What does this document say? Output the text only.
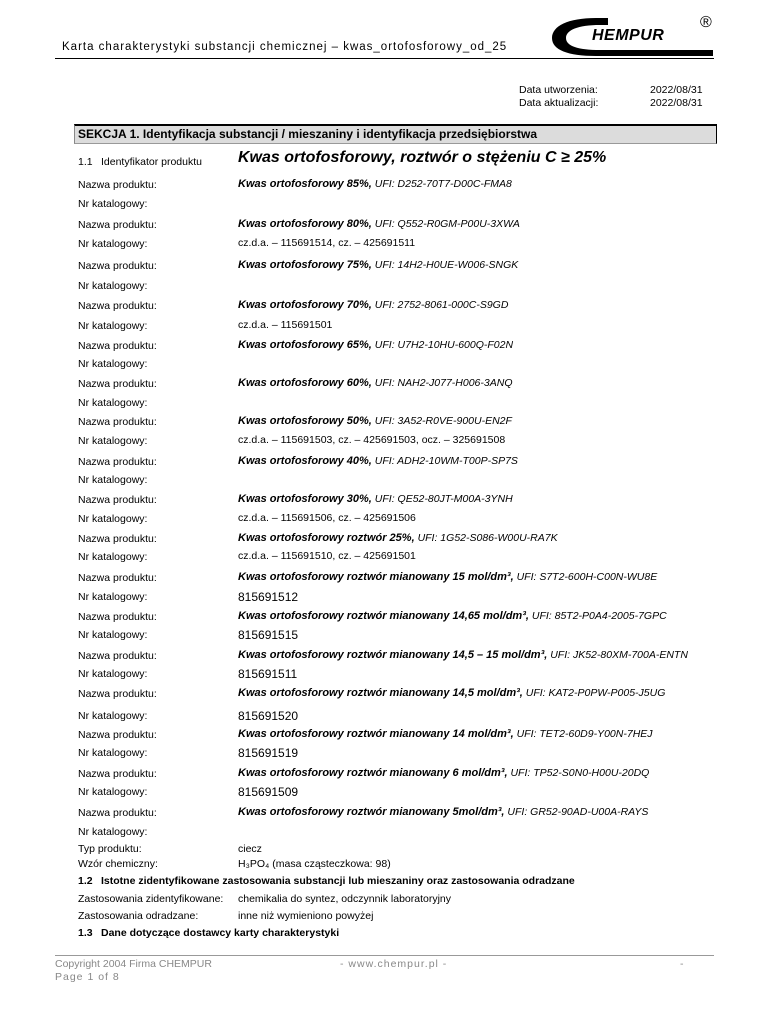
Karta charakterystyki substancji chemicznej – kwas_ortofosforowy_od_25
HEMPUR
®
Data utworzenia:	2022/08/31
Data aktualizacji:	2022/08/31
SEKCJA 1. Identyfikacja substancji / mieszaniny i identyfikacja przedsiębiorstwa
1.1 Identyfikator produktu Kwas ortofosforowy, roztwór o stężeniu C ≥ 25%
Nazwa produktu:	Kwas ortofosforowy 85%, UFI: D252-70T7-D00C-FMA8
Nr katalogowy:
Nazwa produktu:	Kwas ortofosforowy 80%, UFI: Q552-R0GM-P00U-3XWA
Nr katalogowy:	cz.d.a. – 115691514, cz. – 425691511
Nazwa produktu:	Kwas ortofosforowy 75%, UFI: 14H2-H0UE-W006-SNGK
Nr katalogowy:
Nazwa produktu:	Kwas ortofosforowy 70%, UFI: 2752-8061-000C-S9GD
Nr katalogowy:	cz.d.a. – 115691501
Nazwa produktu:	Kwas ortofosforowy 65%, UFI: U7H2-10HU-600Q-F02N
Nr katalogowy:
Nazwa produktu:	Kwas ortofosforowy 60%, UFI: NAH2-J077-H006-3ANQ
Nr katalogowy:
Nazwa produktu:	Kwas ortofosforowy 50%, UFI: 3A52-R0VE-900U-EN2F
Nr katalogowy:	cz.d.a. – 115691503, cz. – 425691503, ocz. – 325691508
Nazwa produktu:	Kwas ortofosforowy 40%, UFI: ADH2-10WM-T00P-SP7S
Nr katalogowy:
Nazwa produktu:	Kwas ortofosforowy 30%, UFI: QE52-80JT-M00A-3YNH
Nr katalogowy:	cz.d.a. – 115691506, cz. – 425691506
Nazwa produktu:	Kwas ortofosforowy roztwór 25%, UFI: 1G52-S086-W00U-RA7K
Nr katalogowy:	cz.d.a. – 115691510, cz. – 425691501
Nazwa produktu:	Kwas ortofosforowy roztwór mianowany 15 mol/dm³, UFI: S7T2-600H-C00N-WU8E
Nr katalogowy:	815691512
Nazwa produktu:	Kwas ortofosforowy roztwór mianowany 14,65 mol/dm³, UFI: 85T2-P0A4-2005-7GPC
Nr katalogowy:	815691515
Nazwa produktu:	Kwas ortofosforowy roztwór mianowany 14,5 – 15 mol/dm³, UFI: JK52-80XM-700A-ENTN
Nr katalogowy:	815691511
Nazwa produktu:	Kwas ortofosforowy roztwór mianowany 14,5 mol/dm³, UFI: KAT2-P0PW-P005-J5UG
Nr katalogowy:	815691520
Nazwa produktu:	Kwas ortofosforowy roztwór mianowany 14 mol/dm³, UFI: TET2-60D9-Y00N-7HEJ
Nr katalogowy:	815691519
Nazwa produktu:	Kwas ortofosforowy roztwór mianowany 6 mol/dm³, UFI: TP52-S0N0-H00U-20DQ
Nr katalogowy:	815691509
Nazwa produktu:	Kwas ortofosforowy roztwór mianowany 5mol/dm³, UFI: GR52-90AD-U00A-RAYS
Nr katalogowy:
Typ produktu:	ciecz
Wzór chemiczny:	H₃PO₄ (masa cząsteczkowa: 98)
1.2 Istotne zidentyfikowane zastosowania substancji lub mieszaniny oraz zastosowania odradzane
Zastosowania zidentyfikowane: chemikalia do syntez, odczynnik laboratoryjny
Zastosowania odradzane:	inne niż wymieniono powyżej
1.3 Dane dotyczące dostawcy karty charakterystyki
Copyright 2004 Firma CHEMPUR	- www.chempur.pl -	-
Page 1 of 8
